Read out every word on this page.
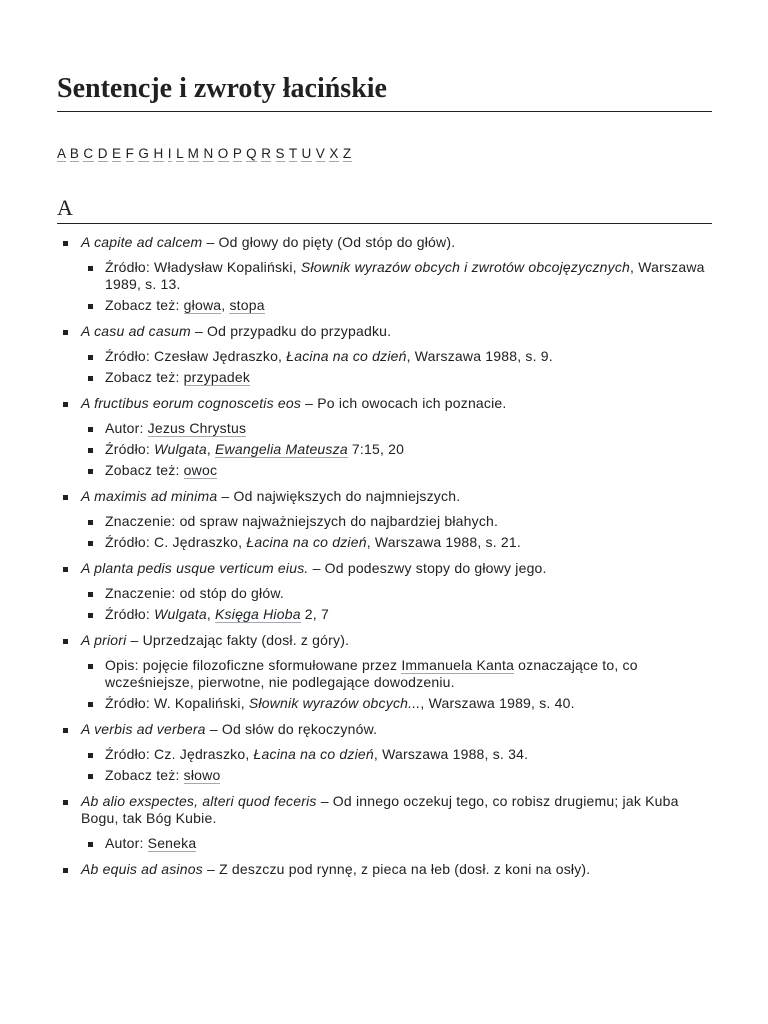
Sentencje i zwroty łacińskie
A B C D E F G H I L M N O P Q R S T U V X Z
A
A capite ad calcem – Od głowy do pięty (Od stóp do głów).
Źródło: Władysław Kopaliński, Słownik wyrazów obcych i zwrotów obcojęzycznych, Warszawa 1989, s. 13.
Zobacz też: głowa, stopa
A casu ad casum – Od przypadku do przypadku.
Źródło: Czesław Jędraszko, Łacina na co dzień, Warszawa 1988, s. 9.
Zobacz też: przypadek
A fructibus eorum cognoscetis eos – Po ich owocach ich poznacie.
Autor: Jezus Chrystus
Źródło: Wulgata, Ewangelia Mateusza 7:15, 20
Zobacz też: owoc
A maximis ad minima – Od największych do najmniejszych.
Znaczenie: od spraw najważniejszych do najbardziej błahych.
Źródło: C. Jędraszko, Łacina na co dzień, Warszawa 1988, s. 21.
A planta pedis usque verticum eius. – Od podeszwy stopy do głowy jego.
Znaczenie: od stóp do głów.
Źródło: Wulgata, Księga Hioba 2, 7
A priori – Uprzedzając fakty (dosł. z góry).
Opis: pojęcie filozoficzne sformułowane przez Immanuela Kanta oznaczające to, co wcześniejsze, pierwotne, nie podlegające dowodzeniu.
Źródło: W. Kopaliński, Słownik wyrazów obcych..., Warszawa 1989, s. 40.
A verbis ad verbera – Od słów do rękoczynów.
Źródło: Cz. Jędraszko, Łacina na co dzień, Warszawa 1988, s. 34.
Zobacz też: słowo
Ab alio exspectes, alteri quod feceris – Od innego oczekuj tego, co robisz drugiemu; jak Kuba Bogu, tak Bóg Kubie.
Autor: Seneka
Ab equis ad asinos – Z deszczu pod rynnę, z pieca na łeb (dosł. z koni na osły).
